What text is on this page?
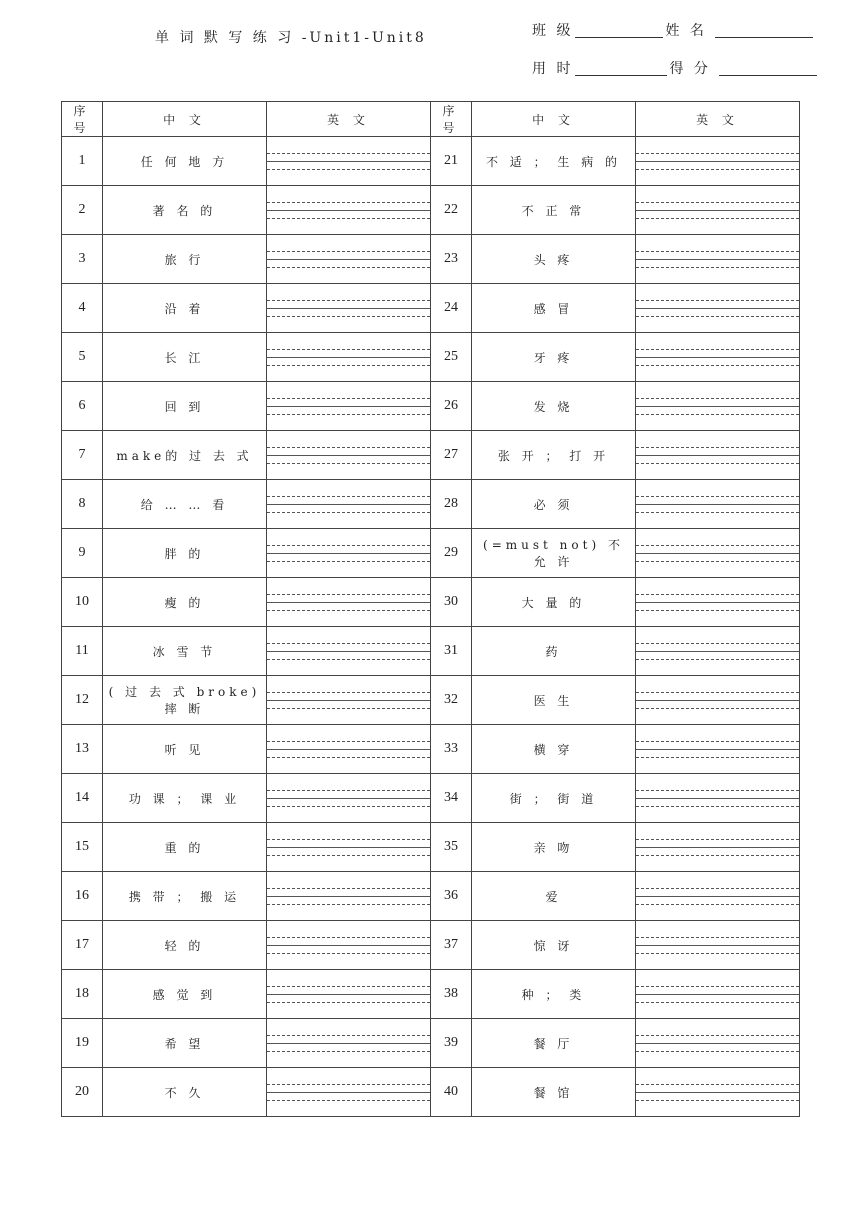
单 词 默 写 练 习 -Unit1-Unit8	班 级	姓 名
用 时	得 分
序 号	中 文	英 文	序 号	中 文	英 文
1	任 何 地 方		21	不 适 ； 生 病 的	

2	著 名 的		22	不 正 常	

3	旅 行		23	头 疼	

4	沿 着		24	感 冒	

5	长 江		25	牙 疼	

6	回 到		26	发 烧	

7	make的 过 去 式		27	张 开 ； 打 开	

8	给 … … 看		28	必 须	

9	胖 的		29	(=must not) 不 允 许	

10	瘦 的		30	大 量 的	

11	冰 雪 节		31	药	

12	( 过 去 式 broke) 摔 断		32	医 生	

13	听 见		33	横 穿	

14	功 课 ； 课 业		34	街 ； 街 道	

15	重 的		35	亲 吻	

16	携 带 ； 搬 运		36	爱	

17	轻 的		37	惊 讶	

18	感 觉 到		38	种 ； 类	

19	希 望		39	餐 厅	

20	不 久		40	餐 馆	
